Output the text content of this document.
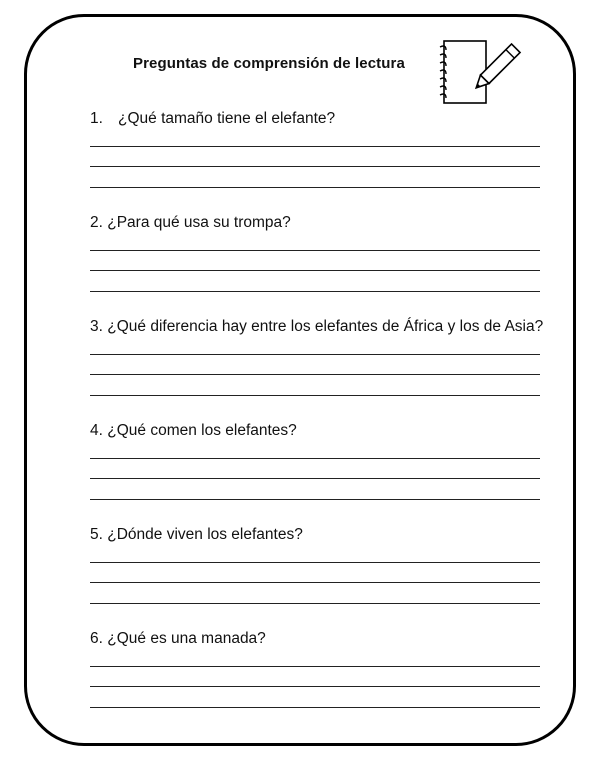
Preguntas de comprensión de lectura
1. ¿Qué tamaño tiene el elefante?
2. ¿Para qué usa su trompa?
3. ¿Qué diferencia hay entre los elefantes de África y los de Asia?
4. ¿Qué comen los elefantes?
5. ¿Dónde viven los elefantes?
6. ¿Qué es una manada?
